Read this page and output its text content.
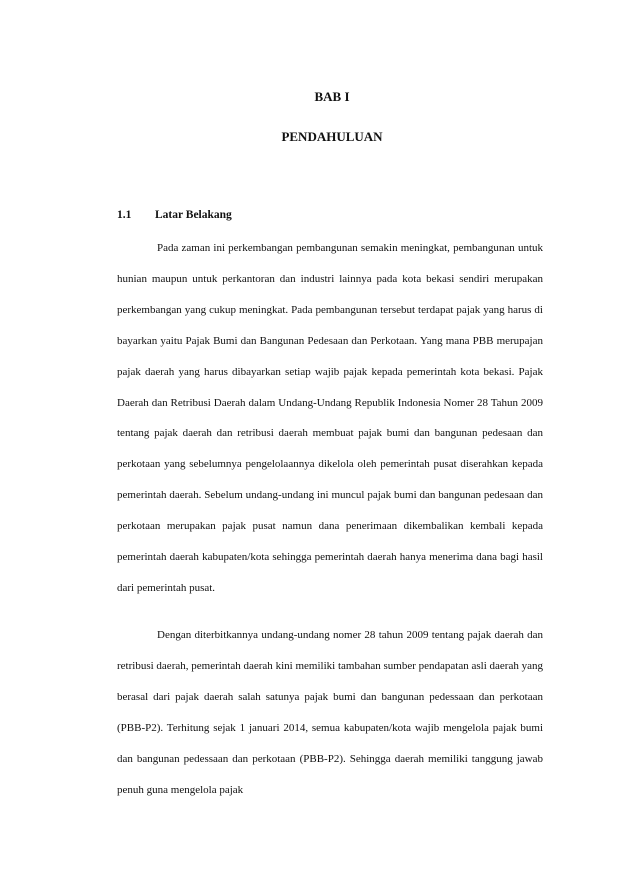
BAB I
PENDAHULUAN
1.1 Latar Belakang

Pada zaman ini perkembangan pembangunan semakin meningkat, pembangunan untuk hunian maupun untuk perkantoran dan industri lainnya pada kota bekasi sendiri merupakan perkembangan yang cukup meningkat. Pada pembangunan tersebut terdapat pajak yang harus di bayarkan yaitu Pajak Bumi dan Bangunan Pedesaan dan Perkotaan. Yang mana PBB merupajan pajak daerah yang harus dibayarkan setiap wajib pajak kepada pemerintah kota bekasi. Pajak Daerah dan Retribusi Daerah dalam Undang-Undang Republik Indonesia Nomer 28 Tahun 2009 tentang pajak daerah dan retribusi daerah membuat pajak bumi dan bangunan pedesaan dan perkotaan yang sebelumnya pengelolaannya dikelola oleh pemerintah pusat diserahkan kepada pemerintah daerah. Sebelum undang-undang ini muncul pajak bumi dan bangunan pedesaan dan perkotaan merupakan pajak pusat namun dana penerimaan dikembalikan kembali kepada pemerintah daerah kabupaten/kota sehingga pemerintah daerah hanya menerima dana bagi hasil dari pemerintah pusat.

Dengan diterbitkannya undang-undang nomer 28 tahun 2009 tentang pajak daerah dan retribusi daerah, pemerintah daerah kini memiliki tambahan sumber pendapatan asli daerah yang berasal dari pajak daerah salah satunya pajak bumi dan bangunan pedessaan dan perkotaan (PBB-P2). Terhitung sejak 1 januari 2014, semua kabupaten/kota wajib mengelola pajak bumi dan bangunan pedessaan dan perkotaan (PBB-P2). Sehingga daerah memiliki tanggung jawab penuh guna mengelola pajak
